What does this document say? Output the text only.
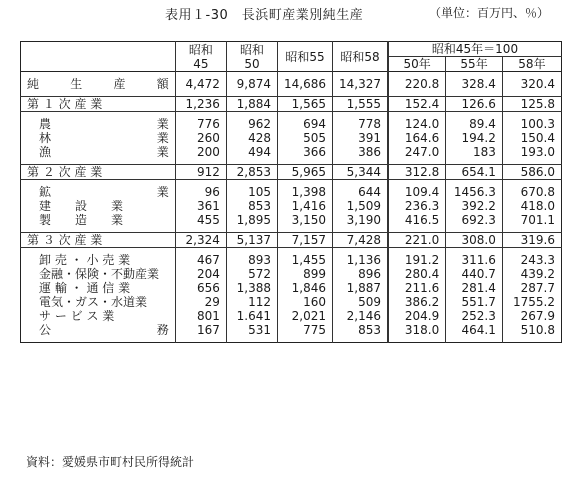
表用１-30　長浜町産業別純生産	（単位：百万円、％）
	昭和45	昭和50	昭和55	昭和58	昭和45年＝100		
					50年	55年	58年

純 生 産 額	4,472	9,874	14,686	14,327	220.8	328.4	320.4
第 １ 次 産 業	1,236	1,884	1,565	1,555	152.4	126.6	125.8

農 業	776	962	694	778	124.0	89.4	100.3

林 業	260	428	505	391	164.6	194.2	150.4

漁 業	200	494	366	386	247.0	183	193.0
第 ２ 次 産 業	912	2,853	5,965	5,344	312.8	654.1	586.0

鉱 業	96	105	1,398	644	109.4	1456.3	670.8
建　　設　　業	361	853	1,416	1,509	236.3	392.2	418.0
製　　造　　業	455	1,895	3,150	3,190	416.5	692.3	701.1
第 ３ 次 産 業	2,324	5,137	7,157	7,428	221.0	308.0	319.6
卸 売 ・ 小 売 業	467	893	1,455	1,136	191.2	311.6	243.3
金融・保険・不動産業	204	572	899	896	280.4	440.7	439.2
運 輸 ・ 通 信 業	656	1,388	1,846	1,887	211.6	281.4	287.7
電気・ガス・水道業	29	112	160	509	386.2	551.7	1755.2
サ ー ビ ス 業	801	1.641	2,021	2,146	204.9	252.3	267.9

公 務	167	531	775	853	318.0	464.1	510.8
資料：愛媛県市町村民所得統計
